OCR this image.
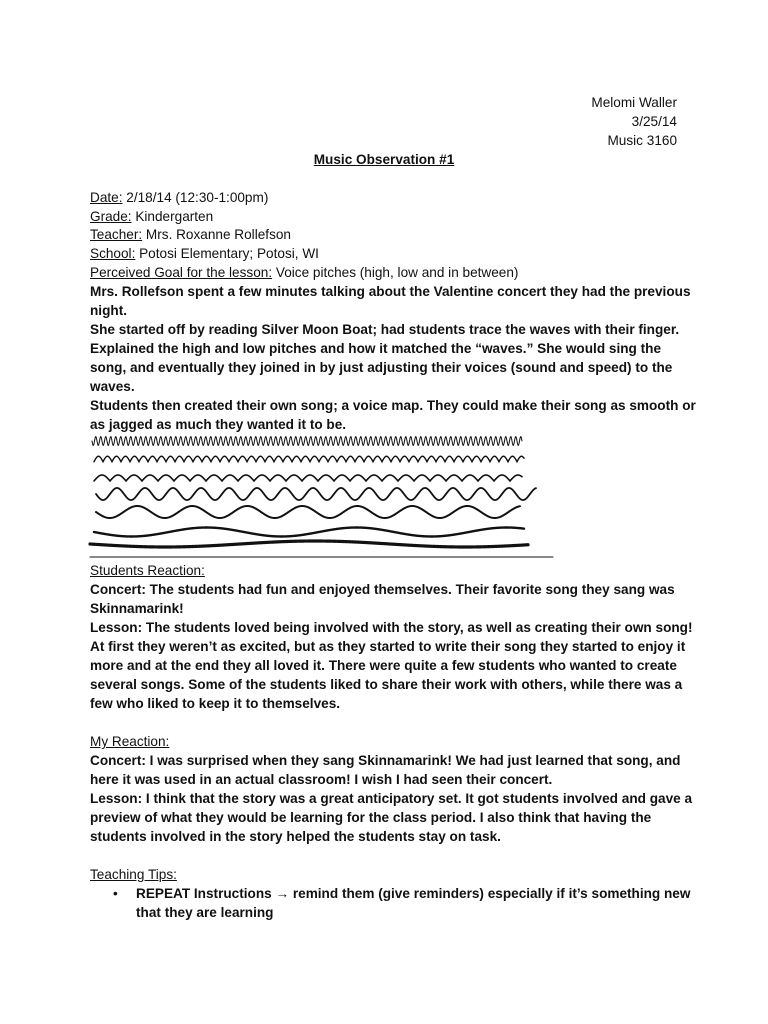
Melomi Waller
3/25/14
Music 3160
Music Observation #1
Date: 2/18/14 (12:30-1:00pm)
Grade: Kindergarten
Teacher: Mrs. Roxanne Rollefson
School: Potosi Elementary; Potosi, WI
Perceived Goal for the lesson: Voice pitches (high, low and in between)
Mrs. Rollefson spent a few minutes talking about the Valentine concert they had the previous
night.
She started off by reading Silver Moon Boat; had students trace the waves with their finger.
Explained the high and low pitches and how it matched the “waves.” She would sing the
song, and eventually they joined in by just adjusting their voices (sound and speed) to the
waves.
Students then created their own song; a voice map. They could make their song as smooth or
as jagged as much they wanted it to be.
Students Reaction:
Concert: The students had fun and enjoyed themselves. Their favorite song they sang was
Skinnamarink!
Lesson: The students loved being involved with the story, as well as creating their own song!
At first they weren’t as excited, but as they started to write their song they started to enjoy it
more and at the end they all loved it. There were quite a few students who wanted to create
several songs. Some of the students liked to share their work with others, while there was a
few who liked to keep it to themselves.
My Reaction:
Concert: I was surprised when they sang Skinnamarink! We had just learned that song, and
here it was used in an actual classroom! I wish I had seen their concert.
Lesson: I think that the story was a great anticipatory set. It got students involved and gave a
preview of what they would be learning for the class period. I also think that having the
students involved in the story helped the students stay on task.
Teaching Tips:
• REPEAT Instructions → remind them (give reminders) especially if it’s something new
that they are learning
